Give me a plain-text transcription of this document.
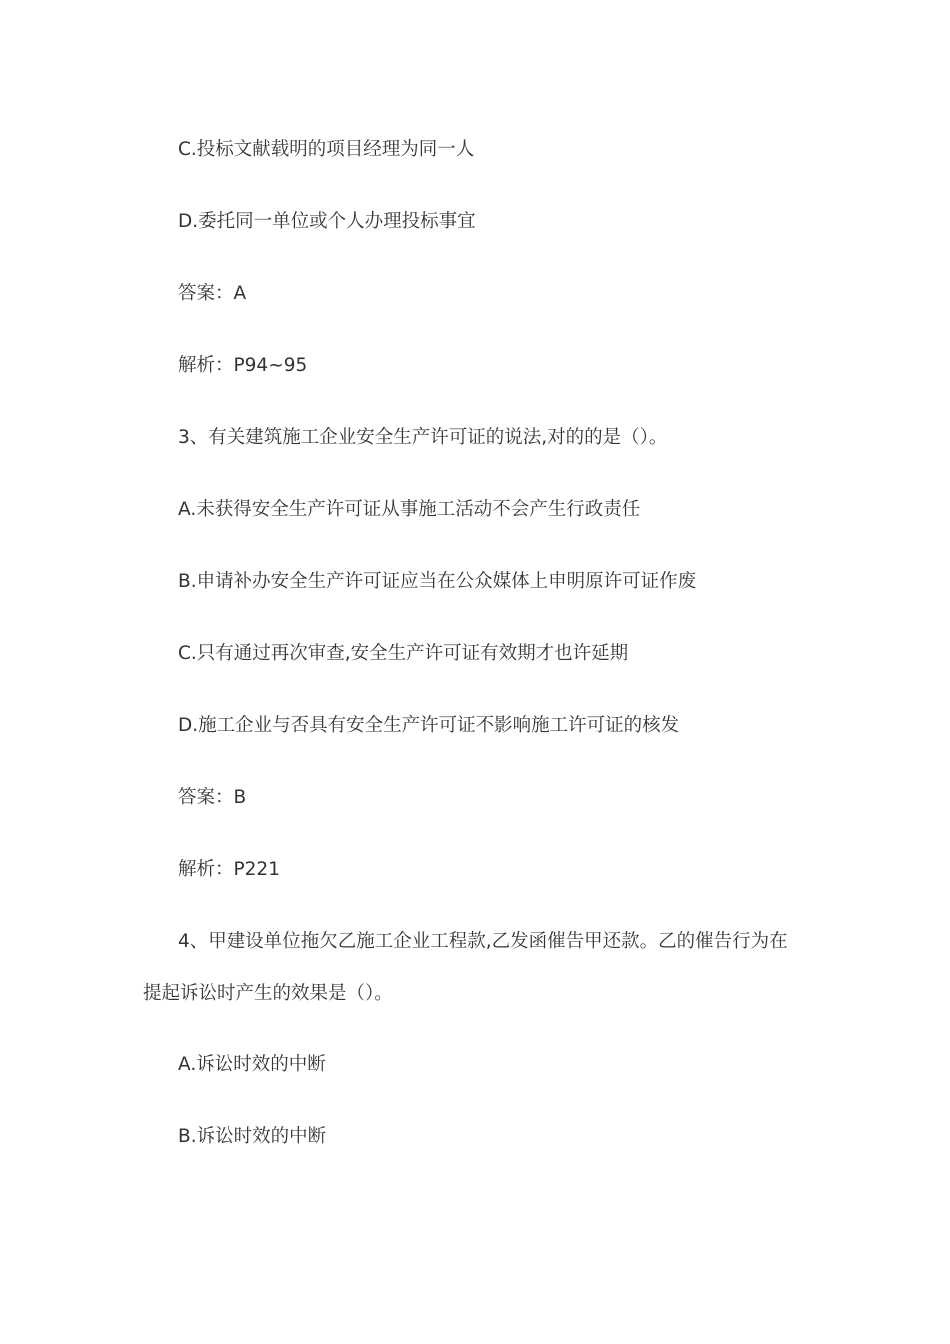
C.投标文献载明的项目经理为同一人
D.委托同一单位或个人办理投标事宜
答案：A
解析：P94~95
3、有关建筑施工企业安全生产许可证的说法,对的的是（）。
A.未获得安全生产许可证从事施工活动不会产生行政责任
B.申请补办安全生产许可证应当在公众媒体上申明原许可证作废
C.只有通过再次审查,安全生产许可证有效期才也许延期
D.施工企业与否具有安全生产许可证不影响施工许可证的核发
答案：B
解析：P221
4、甲建设单位拖欠乙施工企业工程款,乙发函催告甲还款。乙的催告行为在
提起诉讼时产生的效果是（）。
A.诉讼时效的中断
B.诉讼时效的中断
